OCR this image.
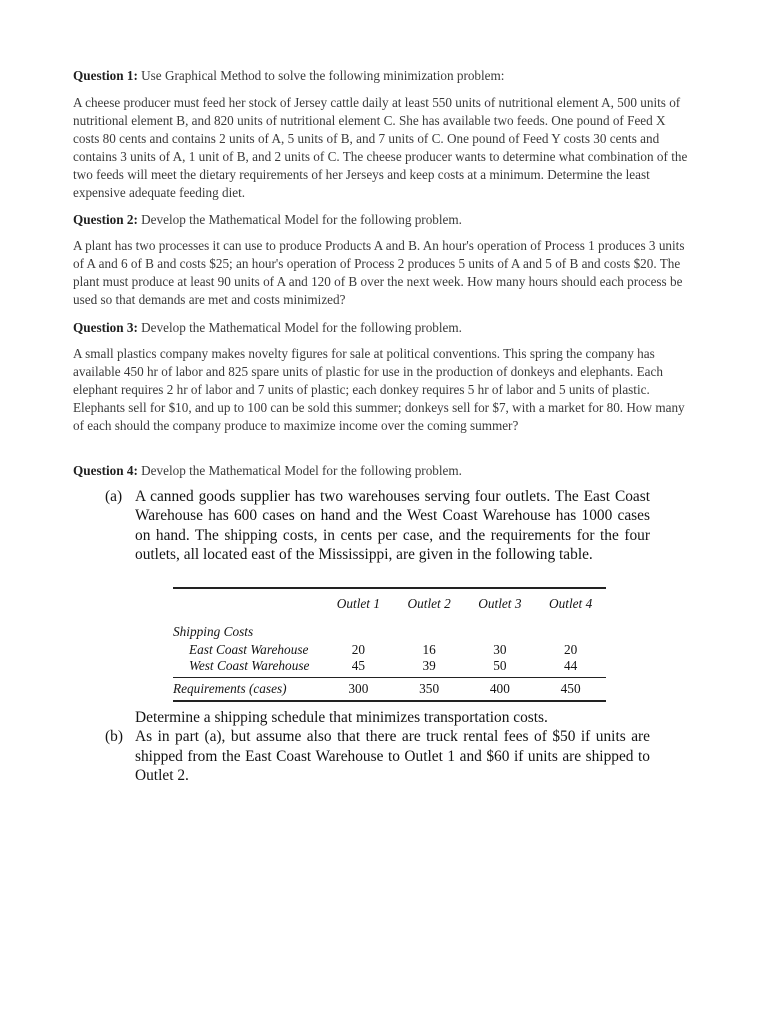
Question 1: Use Graphical Method to solve the following minimization problem:

A cheese producer must feed her stock of Jersey cattle daily at least 550 units of nutritional element A, 500 units of nutritional element B, and 820 units of nutritional element C. She has available two feeds. One pound of Feed X costs 80 cents and contains 2 units of A, 5 units of B, and 7 units of C. One pound of Feed Y costs 30 cents and contains 3 units of A, 1 unit of B, and 2 units of C. The cheese producer wants to determine what combination of the two feeds will meet the dietary requirements of her Jerseys and keep costs at a minimum. Determine the least expensive adequate feeding diet.

Question 2: Develop the Mathematical Model for the following problem.

A plant has two processes it can use to produce Products A and B. An hour's operation of Process 1 produces 3 units of A and 6 of B and costs $25; an hour's operation of Process 2 produces 5 units of A and 5 of B and costs $20. The plant must produce at least 90 units of A and 120 of B over the next week. How many hours should each process be used so that demands are met and costs minimized?

Question 3: Develop the Mathematical Model for the following problem.

A small plastics company makes novelty figures for sale at political conventions. This spring the company has available 450 hr of labor and 825 spare units of plastic for use in the production of donkeys and elephants. Each elephant requires 2 hr of labor and 7 units of plastic; each donkey requires 5 hr of labor and 5 units of plastic. Elephants sell for $10, and up to 100 can be sold this summer; donkeys sell for $7, with a market for 80. How many of each should the company produce to maximize income over the coming summer?

Question 4: Develop the Mathematical Model for the following problem.
(a) A canned goods supplier has two warehouses serving four outlets. The East Coast Warehouse has 600 cases on hand and the West Coast Warehouse has 1000 cases on hand. The shipping costs, in cents per case, and the requirements for the four outlets, all located east of the Mississippi, are given in the following table.
	Outlet 1	Outlet 2	Outlet 3	Outlet 4
Shipping Costs				
East Coast Warehouse	20	16	30	20
West Coast Warehouse	45	39	50	44
Requirements (cases)	300	350	400	450
Determine a shipping schedule that minimizes transportation costs.
(b) As in part (a), but assume also that there are truck rental fees of $50 if units are shipped from the East Coast Warehouse to Outlet 1 and $60 if units are shipped to Outlet 2.
